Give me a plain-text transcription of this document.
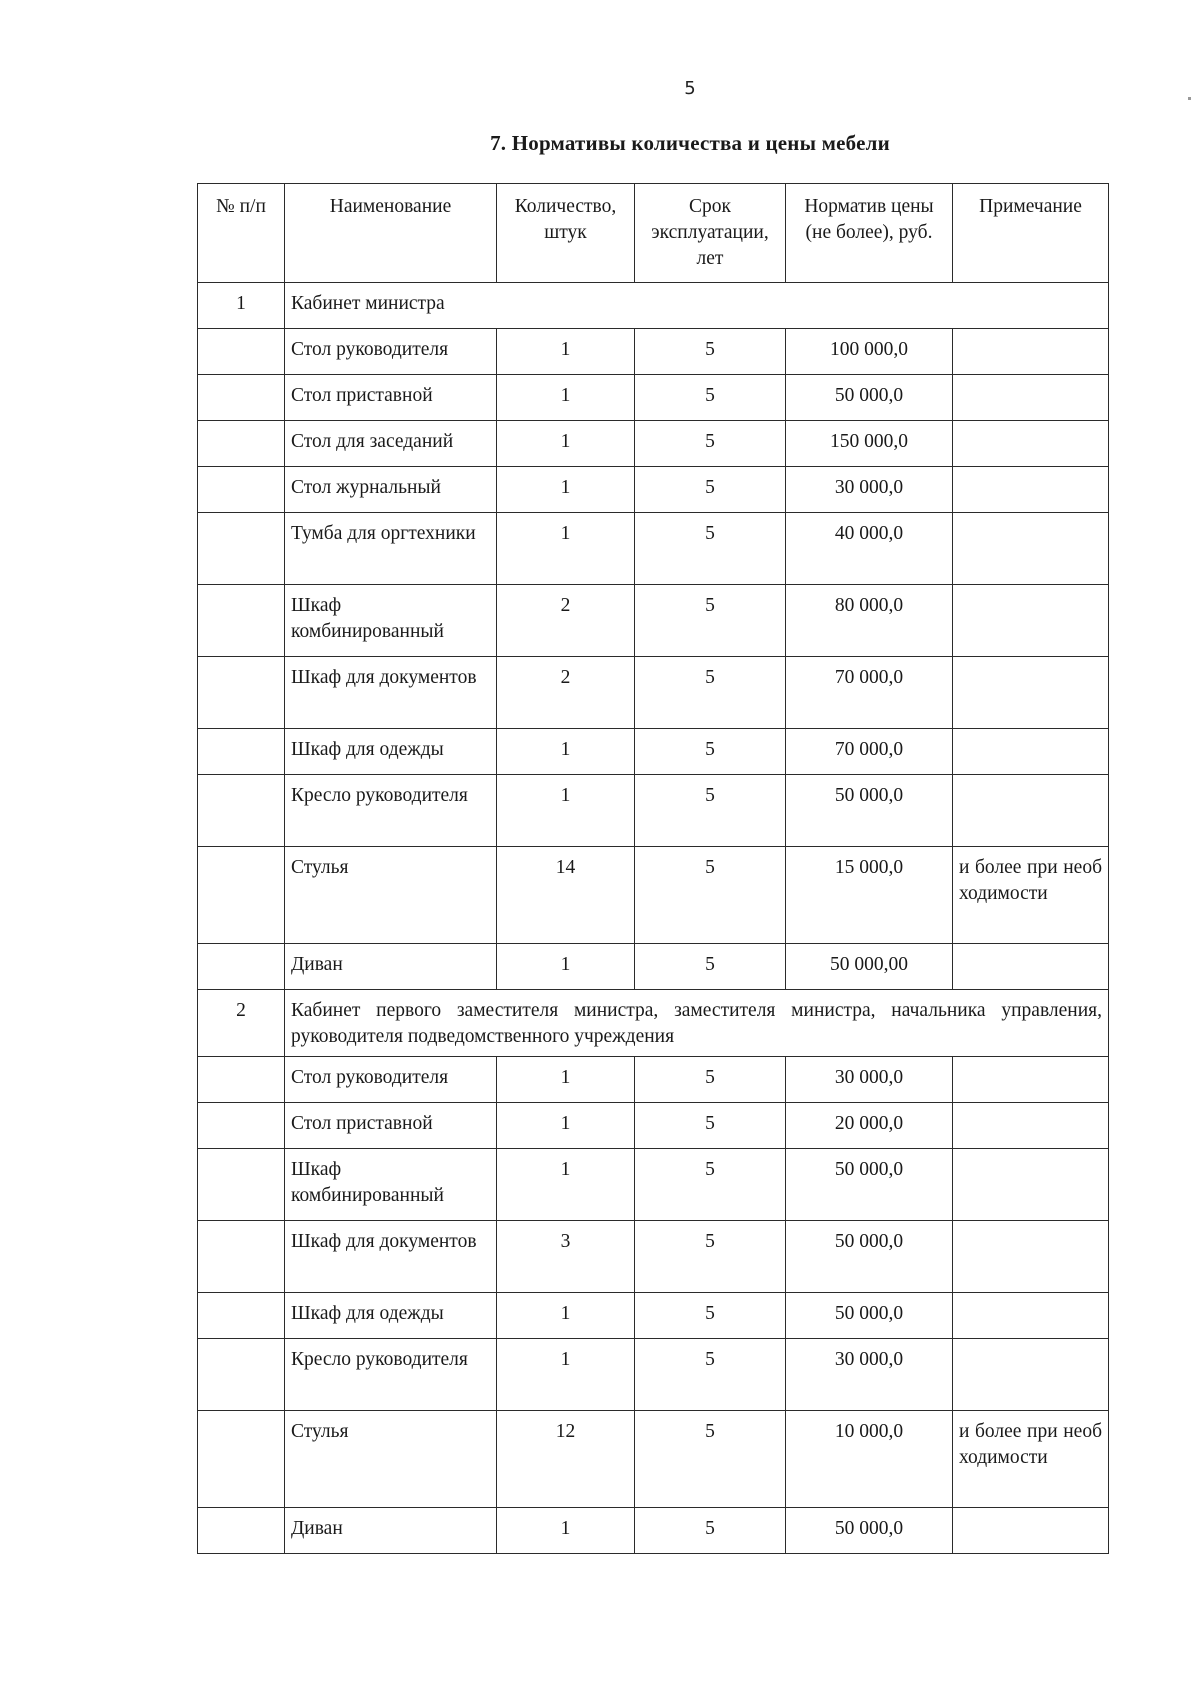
5
7. Нормативы количества и цены мебели
№ п/п	Наименование	Количество, штук	Срок эксплуатации, лет	Норматив цены (не более), руб.	Примечание
1	Кабинет министра				
	Стол руководителя	1	5	100 000,0	
	Стол приставной	1	5	50 000,0	
	Стол для заседаний	1	5	150 000,0	
	Стол журнальный	1	5	30 000,0	
	Тумба для оргтехники	1	5	40 000,0	
	Шкаф комбинированный	2	5	80 000,0	
	Шкаф для документов	2	5	70 000,0	
	Шкаф для одежды	1	5	70 000,0	
	Кресло руководителя	1	5	50 000,0	
	Стулья	14	5	15 000,0	и более при необходимости
	Диван	1	5	50 000,00	
2	Кабинет первого заместителя министра, заместителя министра, начальника управления, руководителя подведомственного учреждения				
	Стол руководителя	1	5	30 000,0	
	Стол приставной	1	5	20 000,0	
	Шкаф комбинированный	1	5	50 000,0	
	Шкаф для документов	3	5	50 000,0	
	Шкаф для одежды	1	5	50 000,0	
	Кресло руководителя	1	5	30 000,0	
	Стулья	12	5	10 000,0	и более при необходимости
	Диван	1	5	50 000,0	
